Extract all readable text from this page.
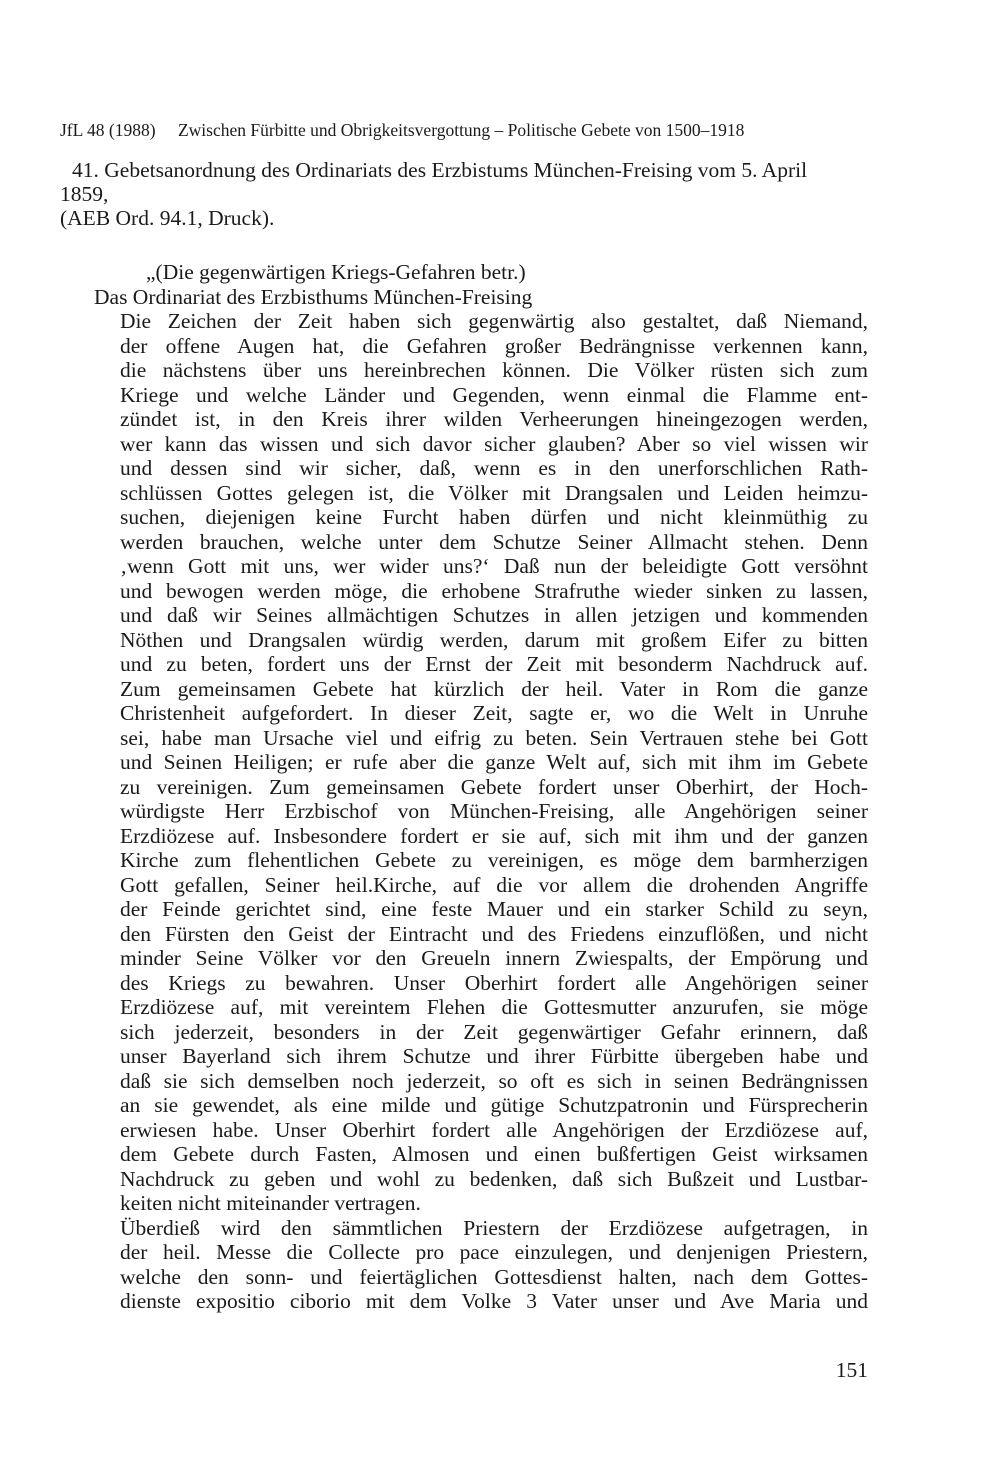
JfL 48 (1988) Zwischen Fürbitte und Obrigkeitsvergottung – Politische Gebete von 1500–1918
41. Gebetsanordnung des Ordinariats des Erzbistums München-Freising vom 5. April
1859,
(AEB Ord. 94.1, Druck).
„(Die gegenwärtigen Kriegs-Gefahren betr.)
Das Ordinariat des Erzbisthums München-Freising
Die Zeichen der Zeit haben sich gegenwärtig also gestaltet, daß Niemand,
der offene Augen hat, die Gefahren großer Bedrängnisse verkennen kann,
die nächstens über uns hereinbrechen können. Die Völker rüsten sich zum
Kriege und welche Länder und Gegenden, wenn einmal die Flamme ent-
zündet ist, in den Kreis ihrer wilden Verheerungen hineingezogen werden,
wer kann das wissen und sich davor sicher glauben? Aber so viel wissen wir
und dessen sind wir sicher, daß, wenn es in den unerforschlichen Rath-
schlüssen Gottes gelegen ist, die Völker mit Drangsalen und Leiden heimzu-
suchen, diejenigen keine Furcht haben dürfen und nicht kleinmüthig zu
werden brauchen, welche unter dem Schutze Seiner Allmacht stehen. Denn
‚wenn Gott mit uns, wer wider uns?‘ Daß nun der beleidigte Gott versöhnt
und bewogen werden möge, die erhobene Strafruthe wieder sinken zu lassen,
und daß wir Seines allmächtigen Schutzes in allen jetzigen und kommenden
Nöthen und Drangsalen würdig werden, darum mit großem Eifer zu bitten
und zu beten, fordert uns der Ernst der Zeit mit besonderm Nachdruck auf.
Zum gemeinsamen Gebete hat kürzlich der heil. Vater in Rom die ganze
Christenheit aufgefordert. In dieser Zeit, sagte er, wo die Welt in Unruhe
sei, habe man Ursache viel und eifrig zu beten. Sein Vertrauen stehe bei Gott
und Seinen Heiligen; er rufe aber die ganze Welt auf, sich mit ihm im Gebete
zu vereinigen. Zum gemeinsamen Gebete fordert unser Oberhirt, der Hoch-
würdigste Herr Erzbischof von München-Freising, alle Angehörigen seiner
Erzdiözese auf. Insbesondere fordert er sie auf, sich mit ihm und der ganzen
Kirche zum flehentlichen Gebete zu vereinigen, es möge dem barmherzigen
Gott gefallen, Seiner heil.Kirche, auf die vor allem die drohenden Angriffe
der Feinde gerichtet sind, eine feste Mauer und ein starker Schild zu seyn,
den Fürsten den Geist der Eintracht und des Friedens einzuflößen, und nicht
minder Seine Völker vor den Greueln innern Zwiespalts, der Empörung und
des Kriegs zu bewahren. Unser Oberhirt fordert alle Angehörigen seiner
Erzdiözese auf, mit vereintem Flehen die Gottesmutter anzurufen, sie möge
sich jederzeit, besonders in der Zeit gegenwärtiger Gefahr erinnern, daß
unser Bayerland sich ihrem Schutze und ihrer Fürbitte übergeben habe und
daß sie sich demselben noch jederzeit, so oft es sich in seinen Bedrängnissen
an sie gewendet, als eine milde und gütige Schutzpatronin und Fürsprecherin
erwiesen habe. Unser Oberhirt fordert alle Angehörigen der Erzdiözese auf,
dem Gebete durch Fasten, Almosen und einen bußfertigen Geist wirksamen
Nachdruck zu geben und wohl zu bedenken, daß sich Bußzeit und Lustbar-
keiten nicht miteinander vertragen.
Überdieß wird den sämmtlichen Priestern der Erzdiözese aufgetragen, in
der heil. Messe die Collecte pro pace einzulegen, und denjenigen Priestern,
welche den sonn- und feiertäglichen Gottesdienst halten, nach dem Gottes-
dienste expositio ciborio mit dem Volke 3 Vater unser und Ave Maria und
151
